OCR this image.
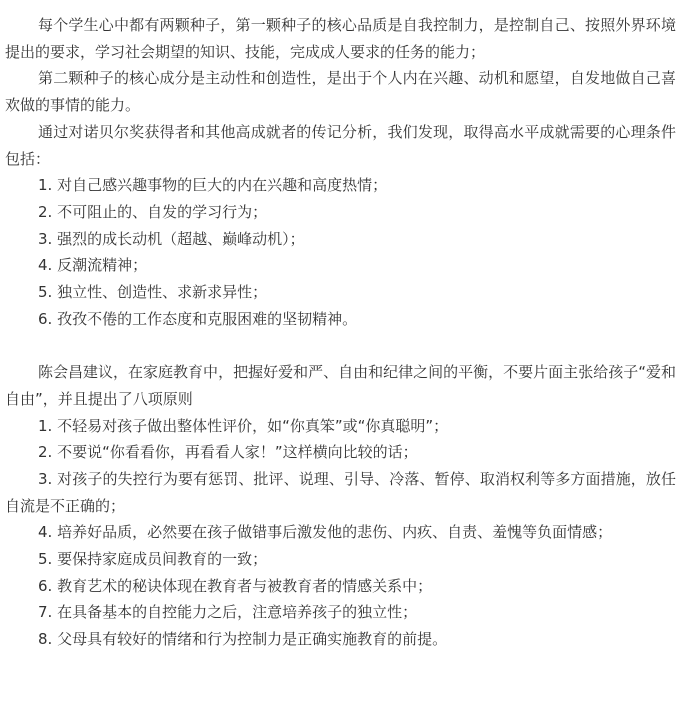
每个学生心中都有两颗种子，第一颗种子的核心品质是自我控制力，是控制自己、按照外界环境提出的要求，学习社会期望的知识、技能，完成成人要求的任务的能力；

第二颗种子的核心成分是主动性和创造性，是出于个人内在兴趣、动机和愿望，自发地做自己喜欢做的事情的能力。

通过对诺贝尔奖获得者和其他高成就者的传记分析，我们发现，取得高水平成就需要的心理条件包括：

1. 对自己感兴趣事物的巨大的内在兴趣和高度热情；

2. 不可阻止的、自发的学习行为；

3. 强烈的成长动机（超越、巅峰动机）；

4. 反潮流精神；

5. 独立性、创造性、求新求异性；

6. 孜孜不倦的工作态度和克服困难的坚韧精神。

陈会昌建议，在家庭教育中，把握好爱和严、自由和纪律之间的平衡，不要片面主张给孩子“爱和自由”，并且提出了八项原则

1. 不轻易对孩子做出整体性评价，如“你真笨”或“你真聪明”；

2. 不要说“你看看你，再看看人家！”这样横向比较的话；

3. 对孩子的失控行为要有惩罚、批评、说理、引导、冷落、暂停、取消权利等多方面措施，放任自流是不正确的；

4. 培养好品质，必然要在孩子做错事后激发他的悲伤、内疚、自责、羞愧等负面情感；

5. 要保持家庭成员间教育的一致；

6. 教育艺术的秘诀体现在教育者与被教育者的情感关系中；

7. 在具备基本的自控能力之后，注意培养孩子的独立性；

8. 父母具有较好的情绪和行为控制力是正确实施教育的前提。
